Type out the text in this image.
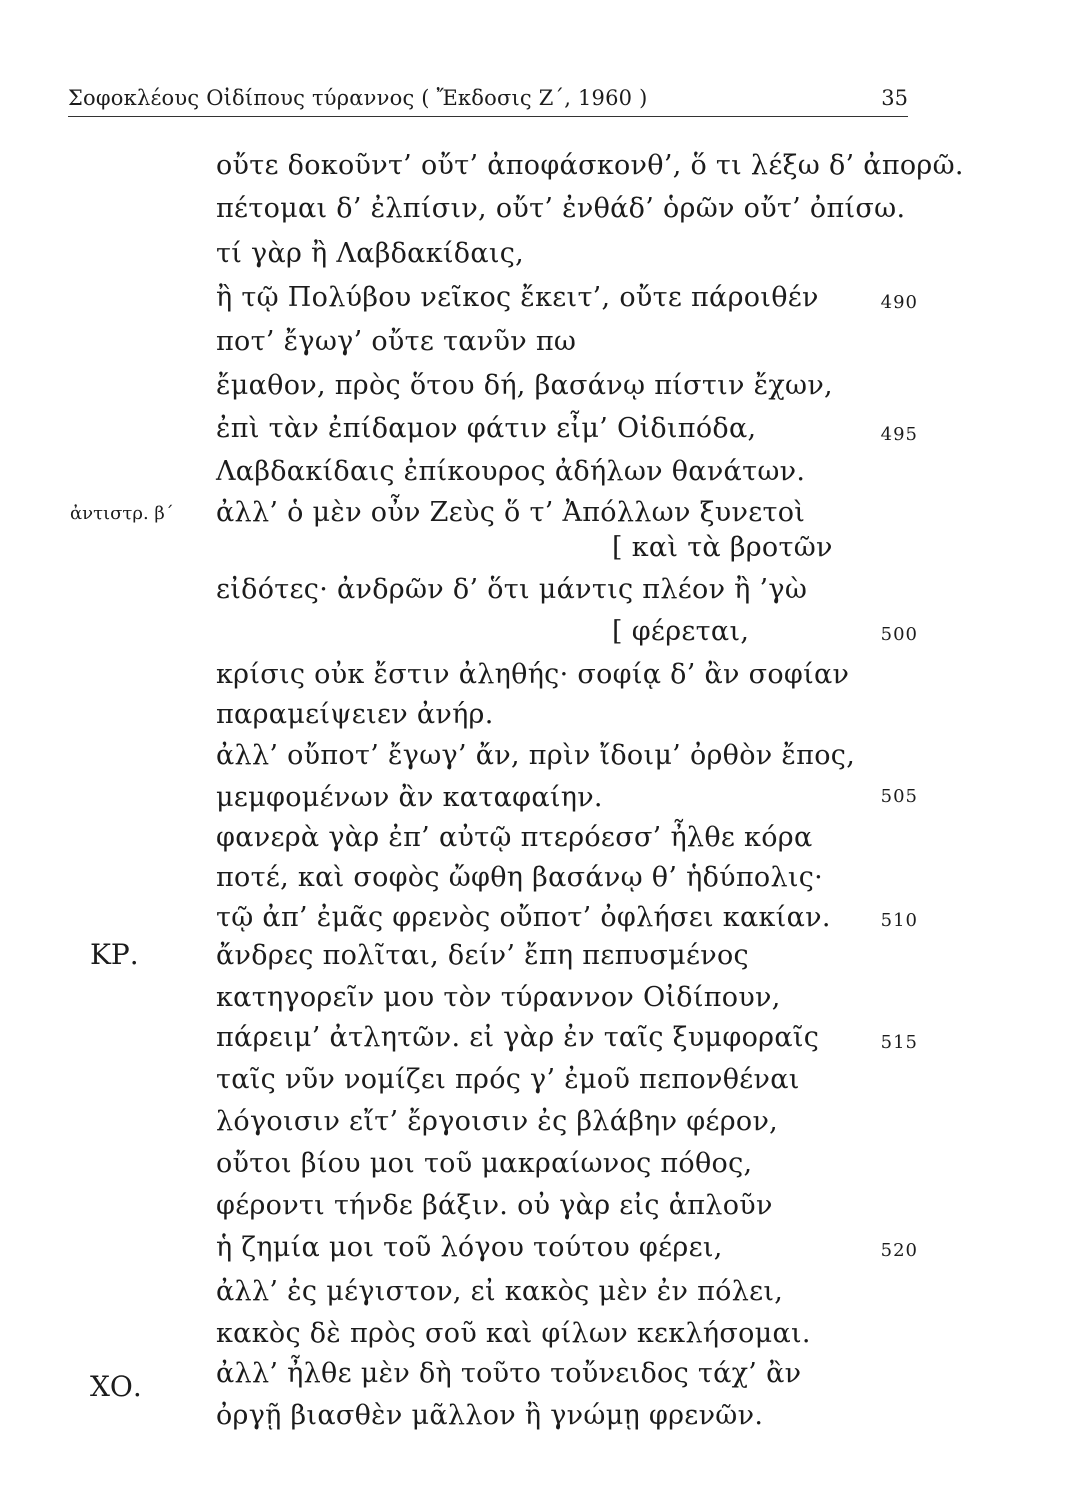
Σοφοκλέους Οἰδίπους τύραννος ( Ἔκδοσις Ζ΄, 1960 )	35
ἀντιστρ. β΄
ΚΡ.
ΧΟ.
οὔτε δοκοῦντ’ οὔτ’ ἀποφάσκονθ’, ὅ τι λέξω δ’ ἀπορῶ.
πέτομαι δ’ ἐλπίσιν, οὔτ’ ἐνθάδ’ ὁρῶν οὔτ’ ὀπίσω.
τί γὰρ ἢ Λαβδακίδαις,
ἢ τῷ Πολύβου νεῖκος ἔκειτ’, οὔτε πάροιθέν
ποτ’ ἔγωγ’ οὔτε τανῦν πω
ἔμαθον, πρὸς ὅτου δή, βασάνῳ πίστιν ἔχων,
ἐπὶ τὰν ἐπίδαμον φάτιν εἶμ’ Οἰδιπόδα,
Λαβδακίδαις ἐπίκουρος ἀδήλων θανάτων.
ἀλλ’ ὁ μὲν οὖν Ζεὺς ὅ τ’ Ἀπόλλων ξυνετοὶ
[ καὶ τὰ βροτῶν
εἰδότες· ἀνδρῶν δ’ ὅτι μάντις πλέον ἢ ’γὼ
[ φέρεται,
κρίσις οὐκ ἔστιν ἀληθής· σοφίᾳ δ’ ἂν σοφίαν
παραμείψειεν ἀνήρ.
ἀλλ’ οὔποτ’ ἔγωγ’ ἄν, πρὶν ἴδοιμ’ ὀρθὸν ἔπος,
μεμφομένων ἂν καταφαίην.
φανερὰ γὰρ ἐπ’ αὐτῷ πτερόεσσ’ ἦλθε κόρα
ποτέ, καὶ σοφὸς ὤφθη βασάνῳ θ’ ἡδύπολις·
τῷ ἀπ’ ἐμᾶς φρενὸς οὔποτ’ ὀφλήσει κακίαν.
ἄνδρες πολῖται, δείν’ ἔπη πεπυσμένος
κατηγορεῖν μου τὸν τύραννον Οἰδίπουν,
πάρειμ’ ἀτλητῶν. εἰ γὰρ ἐν ταῖς ξυμφοραῖς
ταῖς νῦν νομίζει πρός γ’ ἐμοῦ πεπονθέναι
λόγοισιν εἴτ’ ἔργοισιν ἐς βλάβην φέρον,
οὔτοι βίου μοι τοῦ μακραίωνος πόθος,
φέροντι τήνδε βάξιν. οὐ γὰρ εἰς ἁπλοῦν
ἡ ζημία μοι τοῦ λόγου τούτου φέρει,
ἀλλ’ ἐς μέγιστον, εἰ κακὸς μὲν ἐν πόλει,
κακὸς δὲ πρὸς σοῦ καὶ φίλων κεκλήσομαι.
ἀλλ’ ἦλθε μὲν δὴ τοῦτο τοὔνειδος τάχ’ ἂν
ὀργῇ βιασθὲν μᾶλλον ἢ γνώμῃ φρενῶν.
490
495
500
505
510
515
520
